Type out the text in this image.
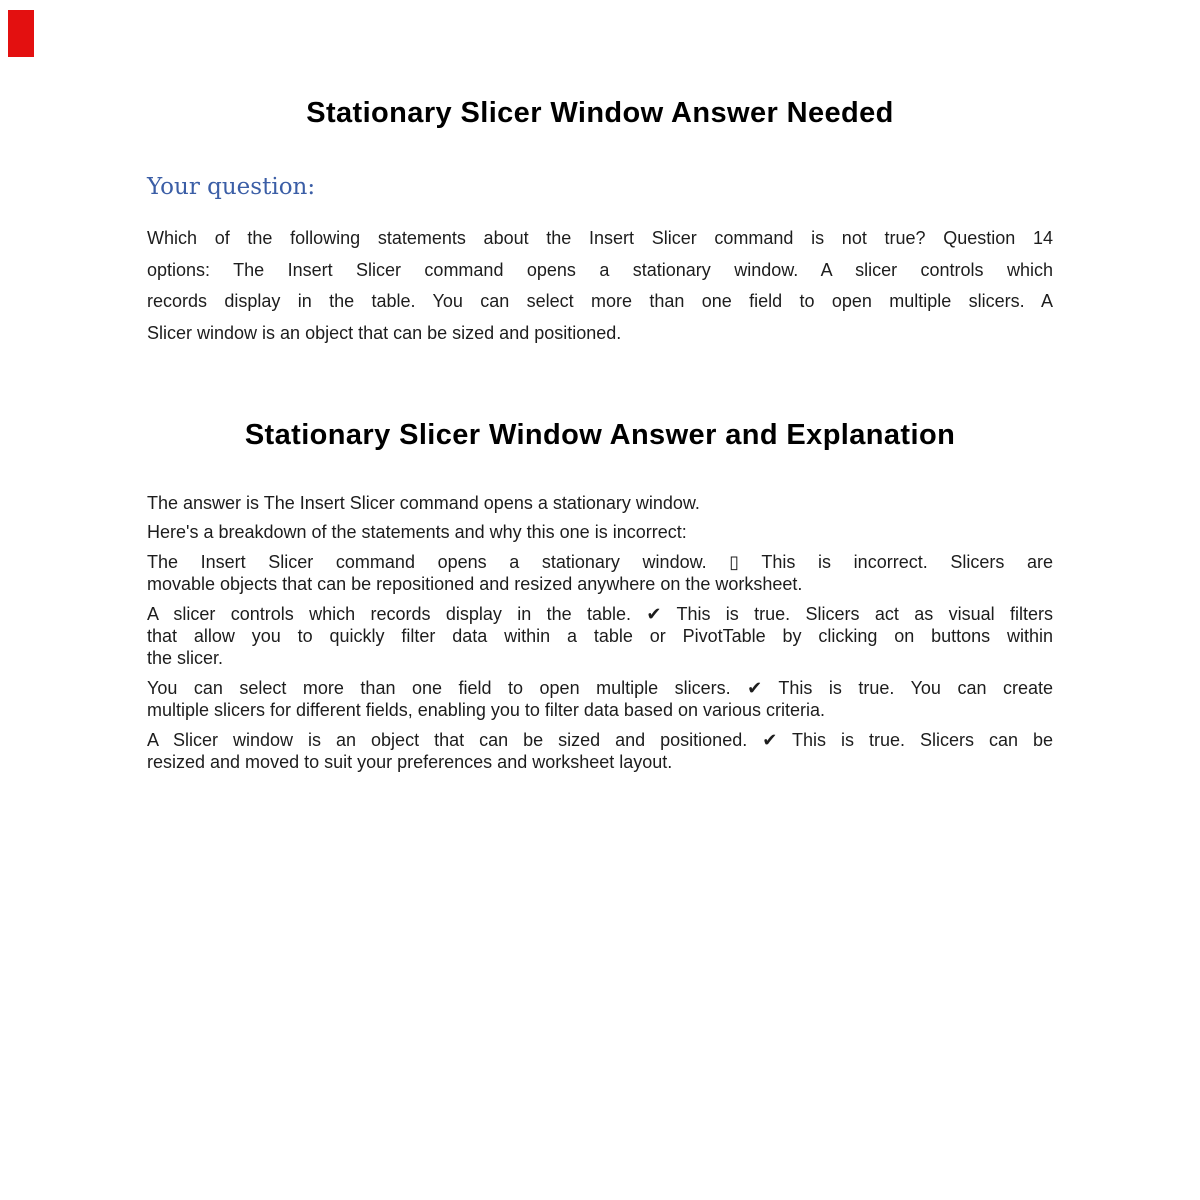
Stationary Slicer Window Answer Needed
Your question:
Which of the following statements about the Insert Slicer command is not true? Question 14
options: The Insert Slicer command opens a stationary window. A slicer controls which
records display in the table. You can select more than one field to open multiple slicers. A
Slicer window is an object that can be sized and positioned.
Stationary Slicer Window Answer and Explanation
The answer is The Insert Slicer command opens a stationary window.
Here's a breakdown of the statements and why this one is incorrect:
The Insert Slicer command opens a stationary window. ▯ This is incorrect. Slicers are
movable objects that can be repositioned and resized anywhere on the worksheet.
A slicer controls which records display in the table. ✔ This is true. Slicers act as visual filters
that allow you to quickly filter data within a table or PivotTable by clicking on buttons within
the slicer.
You can select more than one field to open multiple slicers. ✔ This is true. You can create
multiple slicers for different fields, enabling you to filter data based on various criteria.
A Slicer window is an object that can be sized and positioned. ✔ This is true. Slicers can be
resized and moved to suit your preferences and worksheet layout.
